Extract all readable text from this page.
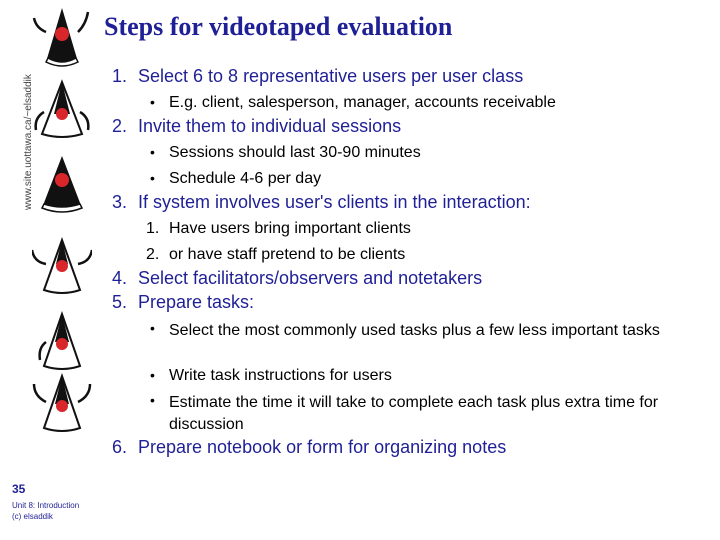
www.site.uottawa.ca/~elsaddik
Steps for videotaped evaluation
1. Select 6 to 8 representative users per user class
• E.g. client, salesperson, manager, accounts receivable
2. Invite them to individual sessions
• Sessions should last 30-90 minutes
• Schedule 4-6 per day
3. If system involves user's clients in the interaction:
1. Have users bring important clients
2. or have staff pretend to be clients
4. Select facilitators/observers and notetakers
5. Prepare tasks:
• Select the most commonly used tasks plus a few less important tasks
• Write task instructions for users
• Estimate the time it will take to complete each task plus extra time for discussion
6. Prepare notebook or form for organizing notes
35
Unit 8: Introduction
(c) elsaddik
